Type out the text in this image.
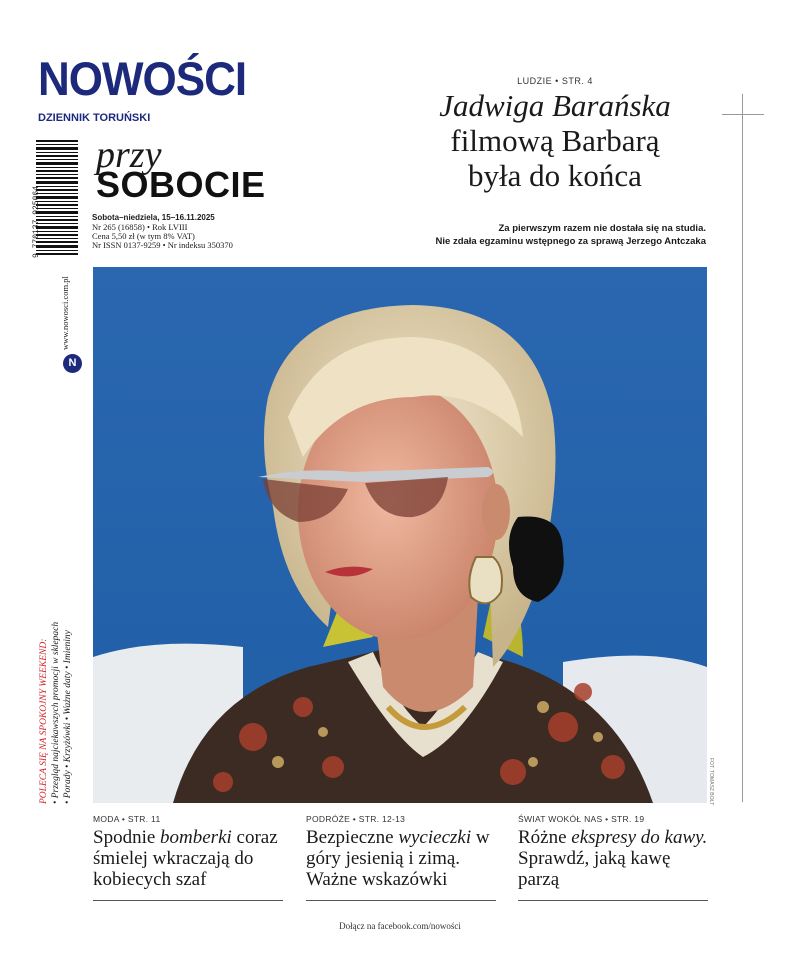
NOWOŚCI
DZIENNIK TORUŃSKI
przy
SOBOCIE
Sobota–niedziela, 15–16.11.2025
Nr 265 (16858) • Rok LVIII
Cena 5,50 zł (w tym 8% VAT)
Nr ISSN 0137-9259 • Nr indeksu 350370
9 770137 925064
www.nowosci.com.pl
N
POLECA SIĘ NA SPOKOJNY WEEKEND: • Przegląd najciekawszych promocji w sklepach • Porady • Krzyżówki • Ważne daty • Imieniny
LUDZIE • STR. 4
Jadwiga Barańska
filmową Barbarą
była do końca
Za pierwszym razem nie dostała się na studia.
Nie zdała egzaminu wstępnego za sprawą Jerzego Antczaka
FOT. TOMASZ BOŁT
MODA • STR. 11
Spodnie bomberki coraz śmielej wkraczają do kobiecych szaf
PODRÓŻE • STR. 12-13
Bezpieczne wycieczki w góry jesienią i zimą. Ważne wskazówki
ŚWIAT WOKÓŁ NAS • STR. 19
Różne ekspresy do kawy. Sprawdź, jaką kawę parzą
Dołącz na facebook.com/nowości
